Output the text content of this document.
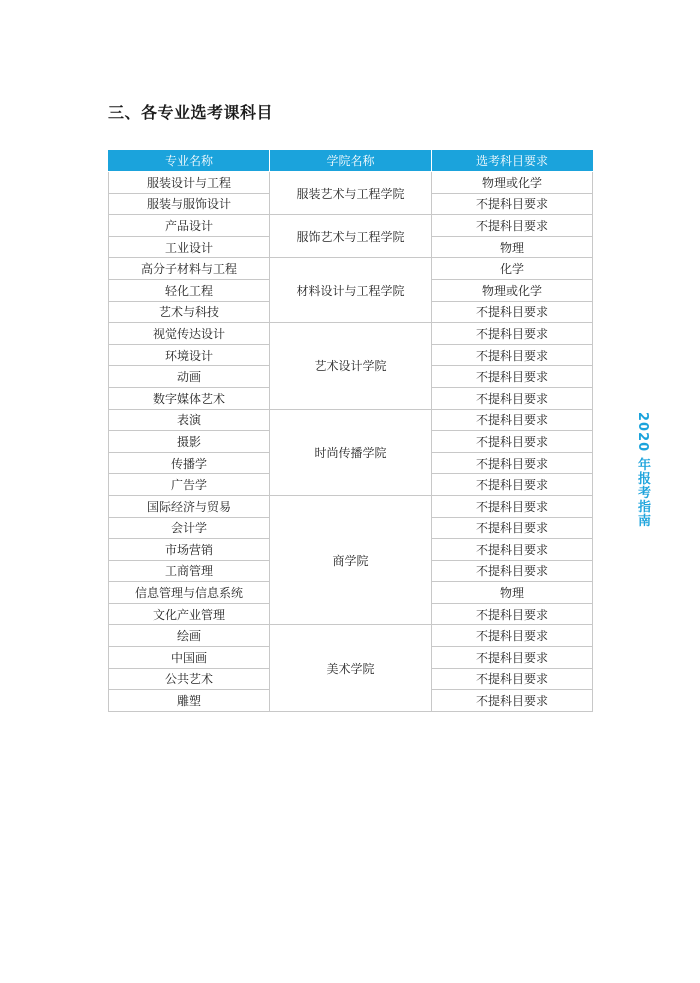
三、各专业选考课科目
专业名称	学院名称	选考科目要求
服装设计与工程	服装艺术与工程学院	物理或化学
服装与服饰设计		不提科目要求
产品设计	服饰艺术与工程学院	不提科目要求
工业设计		物理
高分子材料与工程	材料设计与工程学院	化学
轻化工程		物理或化学
艺术与科技		不提科目要求
视觉传达设计	艺术设计学院	不提科目要求
环境设计		不提科目要求
动画		不提科目要求
数字媒体艺术		不提科目要求
表演	时尚传播学院	不提科目要求
摄影		不提科目要求
传播学		不提科目要求
广告学		不提科目要求
国际经济与贸易	商学院	不提科目要求
会计学		不提科目要求
市场营销		不提科目要求
工商管理		不提科目要求
信息管理与信息系统		物理
文化产业管理		不提科目要求
绘画	美术学院	不提科目要求
中国画		不提科目要求
公共艺术		不提科目要求
雕塑		不提科目要求
2020 年报考指南
